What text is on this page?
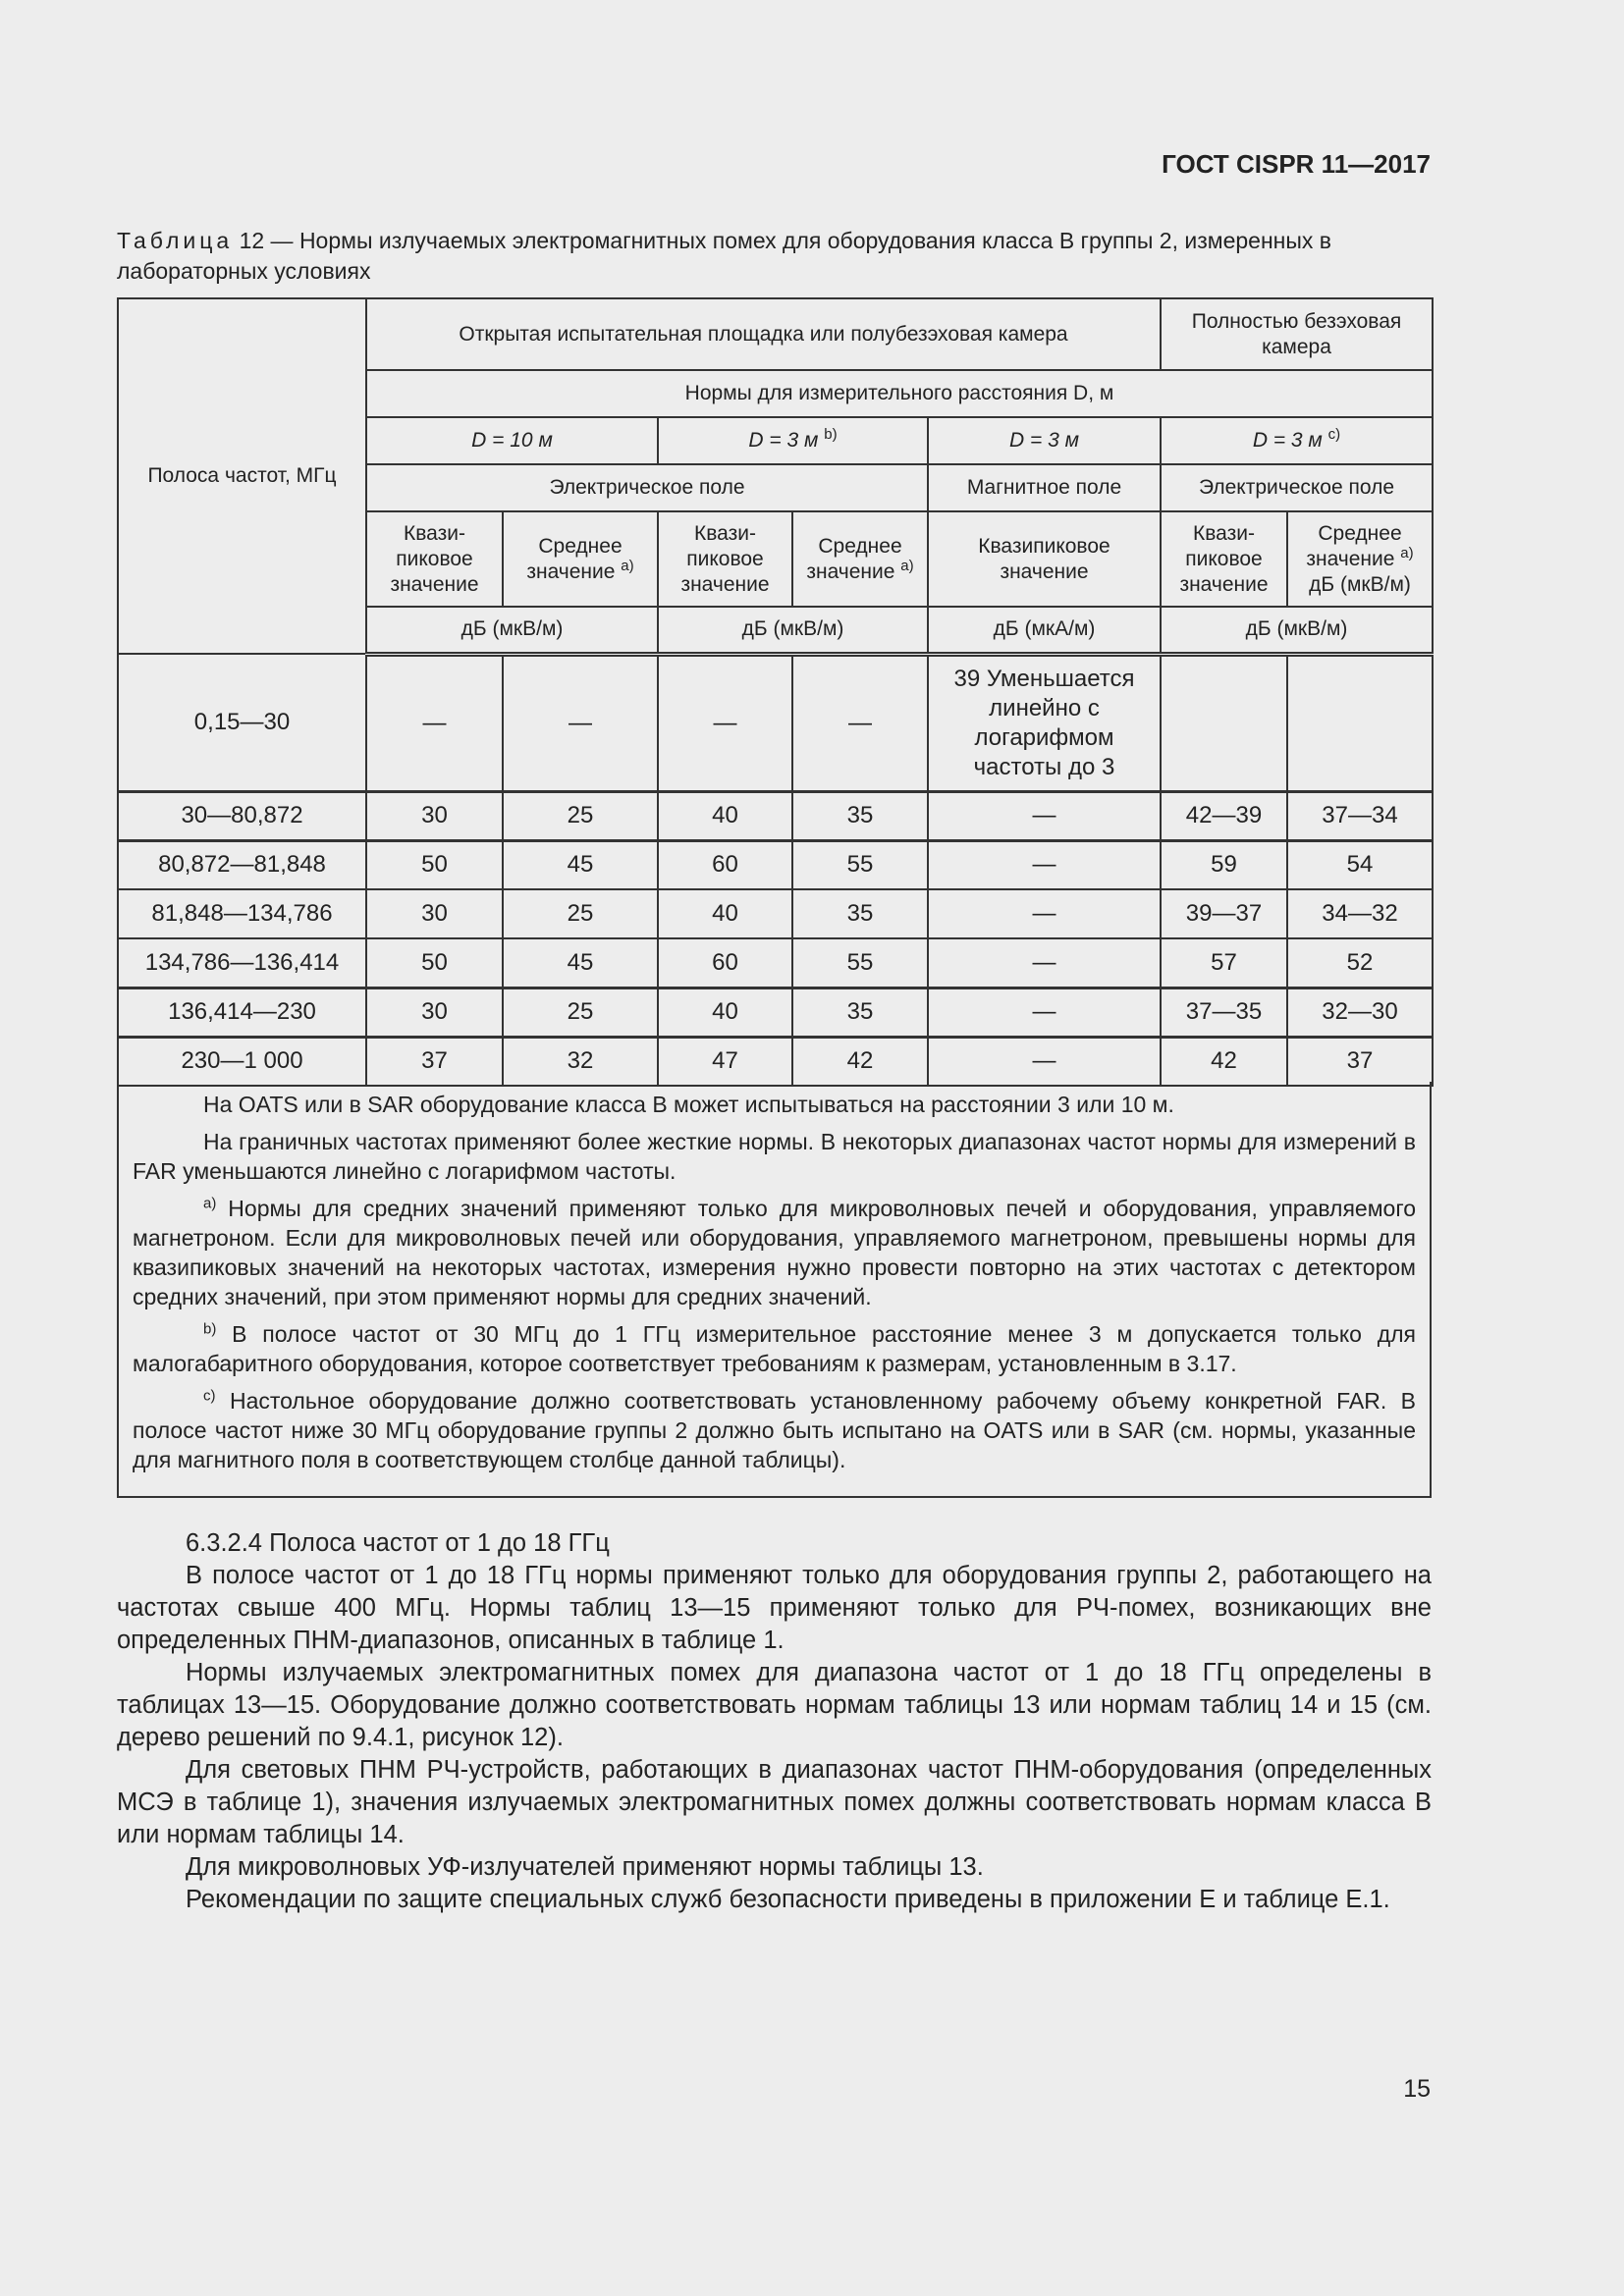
ГОСТ CISPR 11—2017
Таблица 12 — Нормы излучаемых электромагнитных помех для оборудования класса В группы 2, измеренных в лабораторных условиях
Полоса частот, МГц	Открытая испытательная площадка или полубезэховая камера					Полностью безэховая камера	
	Нормы для измерительного расстояния D, м						
	D = 10 м		D = 3 м $^{b)}$		D = 3 м	D = 3 м $^{c)}$
	Электрическое поле				Магнитное поле	Электрическое поле	
	Квази-пиковое значение	Среднее значение $^{a)}$	Квази-пиковое значение	Среднее значение $^{a)}$	Квазипиковое значение	Квази-пиковое значение	Среднее значение $^{a)}$
дБ (мкВ/м)
	дБ (мкВ/м)		дБ (мкВ/м)		дБ (мкА/м)	дБ (мкВ/м)	
0,15—30	—	—	—	—	39 Уменьшается линейно с логарифмом частоты до 3		
30—80,872	30	25	40	35	—	42—39	37—34
80,872—81,848	50	45	60	55	—	59	54
81,848—134,786	30	25	40	35	—	39—37	34—32
134,786—136,414	50	45	60	55	—	57	52
136,414—230	30	25	40	35	—	37—35	32—30
230—1 000	37	32	47	42	—	42	37

На OATS или в SAR оборудование класса В может испытываться на расстоянии 3 или 10 м.

На граничных частотах применяют более жесткие нормы. В некоторых диапазонах частот нормы для измерений в FAR уменьшаются линейно с логарифмом частоты.

$^{a)}$ Нормы для средних значений применяют только для микроволновых печей и оборудования, управляемого магнетроном. Если для микроволновых печей или оборудования, управляемого магнетроном, превышены нормы для квазипиковых значений на некоторых частотах, измерения нужно провести повторно на этих частотах с детектором средних значений, при этом применяют нормы для средних значений.

$^{b)}$ В полосе частот от 30 МГц до 1 ГГц измерительное расстояние менее 3 м допускается только для малогабаритного оборудования, которое соответствует требованиям к размерам, установленным в 3.17.

$^{c)}$ Настольное оборудование должно соответствовать установленному рабочему объему конкретной FAR. В полосе частот ниже 30 МГц оборудование группы 2 должно быть испытано на OATS или в SAR (см. нормы, указанные для магнитного поля в соответствующем столбце данной таблицы).

6.3.2.4 Полоса частот от 1 до 18 ГГц

В полосе частот от 1 до 18 ГГц нормы применяют только для оборудования группы 2, работающего на частотах свыше 400 МГц. Нормы таблиц 13—15 применяют только для РЧ-помех, возникающих вне определенных ПНМ-диапазонов, описанных в таблице 1.

Нормы излучаемых электромагнитных помех для диапазона частот от 1 до 18 ГГц определены в таблицах 13—15. Оборудование должно соответствовать нормам таблицы 13 или нормам таблиц 14 и 15 (см. дерево решений по 9.4.1, рисунок 12).

Для световых ПНМ РЧ-устройств, работающих в диапазонах частот ПНМ-оборудования (определенных МСЭ в таблице 1), значения излучаемых электромагнитных помех должны соответствовать нормам класса В или нормам таблицы 14.

Для микроволновых УФ-излучателей применяют нормы таблицы 13.

Рекомендации по защите специальных служб безопасности приведены в приложении Е и таблице Е.1.

15
